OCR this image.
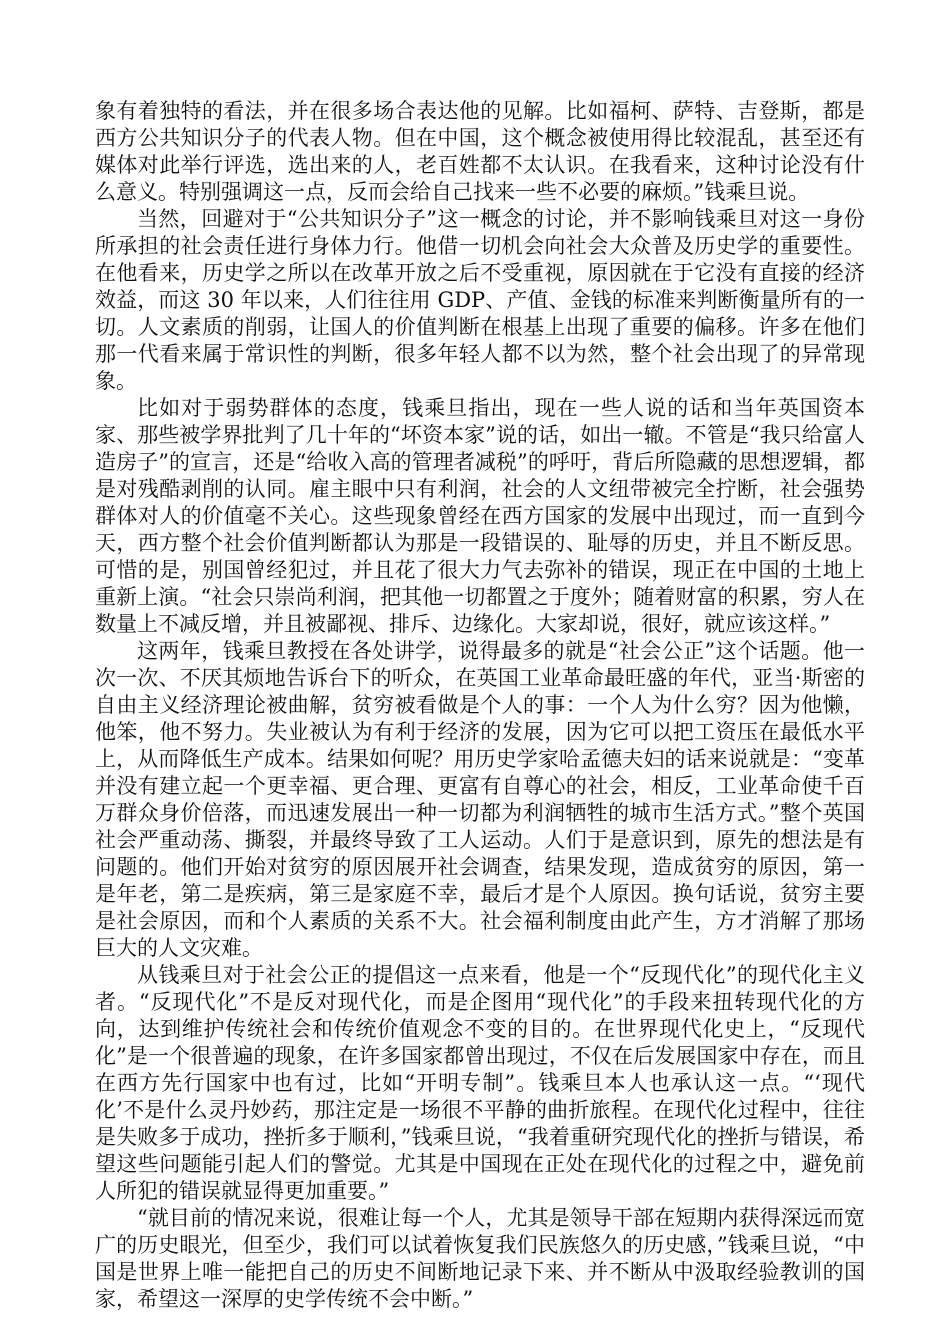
象有着独特的看法，并在很多场合表达他的见解。比如福柯、萨特、吉登斯，都是西方公共知识分子的代表人物。但在中国，这个概念被使用得比较混乱，甚至还有媒体对此举行评选，选出来的人，老百姓都不太认识。在我看来，这种讨论没有什么意义。特别强调这一点，反而会给自己找来一些不必要的麻烦。”钱乘旦说。

当然，回避对于“公共知识分子”这一概念的讨论，并不影响钱乘旦对这一身份所承担的社会责任进行身体力行。他借一切机会向社会大众普及历史学的重要性。在他看来，历史学之所以在改革开放之后不受重视，原因就在于它没有直接的经济效益，而这 30 年以来，人们往往用 GDP、产值、金钱的标准来判断衡量所有的一切。人文素质的削弱，让国人的价值判断在根基上出现了重要的偏移。许多在他们那一代看来属于常识性的判断，很多年轻人都不以为然，整个社会出现了的异常现象。

比如对于弱势群体的态度，钱乘旦指出，现在一些人说的话和当年英国资本家、那些被学界批判了几十年的“坏资本家”说的话，如出一辙。不管是“我只给富人造房子”的宣言，还是“给收入高的管理者减税”的呼吁，背后所隐藏的思想逻辑，都是对残酷剥削的认同。雇主眼中只有利润，社会的人文纽带被完全拧断，社会强势群体对人的价值毫不关心。这些现象曾经在西方国家的发展中出现过，而一直到今天，西方整个社会价值判断都认为那是一段错误的、耻辱的历史，并且不断反思。可惜的是，别国曾经犯过，并且花了很大力气去弥补的错误，现正在中国的土地上重新上演。“社会只崇尚利润，把其他一切都置之于度外；随着财富的积累，穷人在数量上不减反增，并且被鄙视、排斥、边缘化。大家却说，很好，就应该这样。”

这两年，钱乘旦教授在各处讲学，说得最多的就是“社会公正”这个话题。他一次一次、不厌其烦地告诉台下的听众，在英国工业革命最旺盛的年代，亚当·斯密的自由主义经济理论被曲解，贫穷被看做是个人的事：一个人为什么穷？因为他懒，他笨，他不努力。失业被认为有利于经济的发展，因为它可以把工资压在最低水平上，从而降低生产成本。结果如何呢？用历史学家哈孟德夫妇的话来说就是：“变革并没有建立起一个更幸福、更合理、更富有自尊心的社会，相反，工业革命使千百万群众身价倍落，而迅速发展出一种一切都为利润牺牲的城市生活方式。”整个英国社会严重动荡、撕裂，并最终导致了工人运动。人们于是意识到，原先的想法是有问题的。他们开始对贫穷的原因展开社会调查，结果发现，造成贫穷的原因，第一是年老，第二是疾病，第三是家庭不幸，最后才是个人原因。换句话说，贫穷主要是社会原因，而和个人素质的关系不大。社会福利制度由此产生，方才消解了那场巨大的人文灾难。

从钱乘旦对于社会公正的提倡这一点来看，他是一个“反现代化”的现代化主义者。“反现代化”不是反对现代化，而是企图用“现代化”的手段来扭转现代化的方向，达到维护传统社会和传统价值观念不变的目的。在世界现代化史上，“反现代化”是一个很普遍的现象，在许多国家都曾出现过，不仅在后发展国家中存在，而且在西方先行国家中也有过，比如“开明专制”。钱乘旦本人也承认这一点。“‘现代化’不是什么灵丹妙药，那注定是一场很不平静的曲折旅程。在现代化过程中，往往是失败多于成功，挫折多于顺利，”钱乘旦说，“我着重研究现代化的挫折与错误，希望这些问题能引起人们的警觉。尤其是中国现在正处在现代化的过程之中，避免前人所犯的错误就显得更加重要。”

“就目前的情况来说，很难让每一个人，尤其是领导干部在短期内获得深远而宽广的历史眼光，但至少，我们可以试着恢复我们民族悠久的历史感，”钱乘旦说，“中国是世界上唯一能把自己的历史不间断地记录下来、并不断从中汲取经验教训的国家，希望这一深厚的史学传统不会中断。”
